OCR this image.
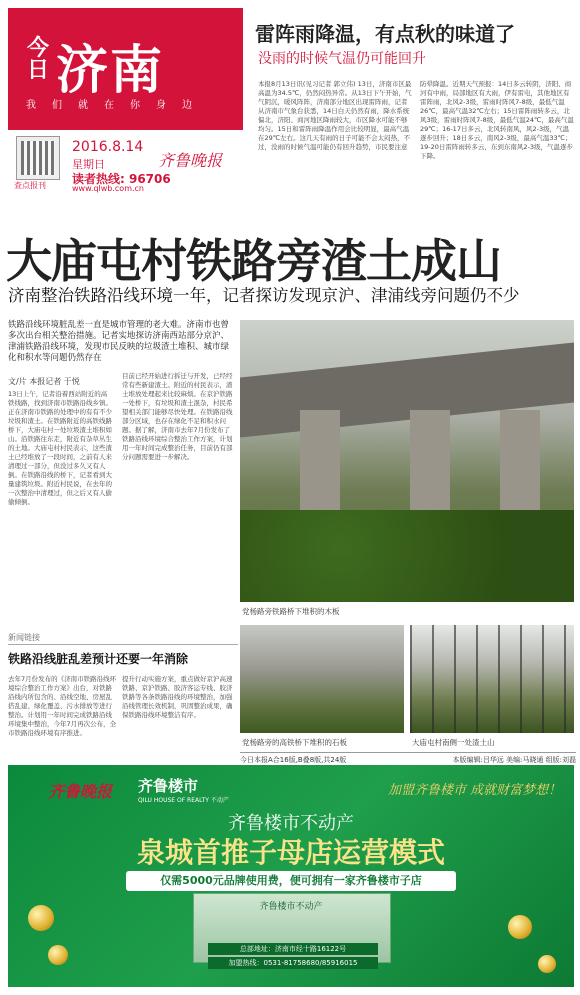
今日 济南
我们就在你身边
查点报刊
2016.8.14
星期日
读者热线: 96706
www.qlwb.com.cn
齐鲁晚报
雷阵雨降温，有点秋的味道了
没雨的时候气温仍可能回升
本报8月13日讯(见习记者 郭立伟) 13日，济南市区最高温为34.5℃，仍然闷热异常。从13日下午开始，气气阴沉，暖风阵阵，济南部分地区出现雷阵雨，记者从济南市气象台获悉，14日白天仍然有雨，降水系统偏北，济阳、商河地区降雨较大，市区降水可能不够均匀。15日和雷阵雨降温作用会比较明显，最高气温在29℃左右。这几天有雨的日子可能不会太闷热，不过，没雨的时候气温可能仍有回升趋势，市民要注意
防晕降温。近期天气预报：14日多云转阴，济阳、商河有中雨，局部地区有大雨，伊有雷电，其他地区有雷阵雨，北风2-3级，雷雨时阵风7-8级，最低气温26℃，最高气温32℃左右；15日雷阵雨转多云，北风3级，雷雨时阵风7-8级，最低气温24℃，最高气温29℃；16-17日多云，北风转南风，风2-3级，气温逐步回升；18日多云，南风2-3级，最高气温33℃；19-20日雷阵雨转多云，东到东南风2-3级，气温逐步下降。
大庙屯村铁路旁渣土成山
济南整治铁路沿线环境一年，记者探访发现京沪、津浦线旁问题仍不少
铁路沿线环境脏乱差一直是城市管理的老大难。济南市也曾多次出台相关整治措施。记者实地探访济南西站部分京沪、津浦铁路沿线环境，发现市民反映的垃圾渣土堆积、城市绿化和积水等问题仍然存在
文/片 本报记者 于悦
13日上午，记者沿着西站附近的高铁线路，找到济南市铁路沿线乡镇。正在济南市铁路的处理中的有有不少垃圾和渣土。在铁路附近的高铁线路桥下，大庙屯村一处垃圾渣土堆积如山。沿铁路往东走，附近有杂草丛生的土地。大庙屯村村民表示，这些渣土已经堆放了一段时间，之前有人来清理过一部分，但没过多久又有人倒。在铁路沿线的桥下，记者看到大量建筑垃圾。附近村民说，在去年的一次整治中清理过，但之后又有人偷偷倾倒。
目前已经开始进行拆迁与开发，已经经常有些新建渣土。附近的村民表示，渣土堆放处理起来比较麻烦。在京沪铁路一处桥下，有垃圾和渣土混杂，村民希望相关部门能够尽快处理。在铁路沿线部分区域，也存在绿化不足和积水问题。据了解，济南市去年7月份发布了铁路沿线环境综合整治工作方案，计划用一年时间完成整治任务，目前仍有部分问题需要进一步解决。
党杨路旁铁路桥下堆积的木板
新闻链接
铁路沿线脏乱差预计还要一年消除
去年7月份发布的《济南市铁路沿线环境综合整治工作方案》出台，对铁路沿线内所包含的、沿线空地、房屋乱搭乱建、绿化覆盖、污水排放等进行整治。计划用一年时间完成铁路沿线环境集中整治，今年7月再次公布，全市铁路沿线环境有序推进。
提升行动实施方案，重点做好京沪高速铁路、京沪铁路、胶济客运专线、胶济铁路等各条铁路沿线的环境整治，加强沿线管理长效机制，巩固整治成果，确保铁路沿线环境整洁有序。
党杨路旁的高铁桥下堆积的石板	大庙屯村南侧一处渣土山
今日本报A合16版,B叠8版,共24版	本版编辑:吕华远 美编:马晓通 组版:刘磊
齐鲁晚报 齐鲁楼市
QILU HOUSE OF REALTY 不动产
加盟齐鲁楼市 成就财富梦想！
齐鲁楼市不动产
泉城首推子母店运营模式
仅需5000元品牌使用费，便可拥有一家齐鲁楼市子店
齐鲁楼市不动产
总部地址：济南市经十路16122号
加盟热线：0531-81758680/85916015
